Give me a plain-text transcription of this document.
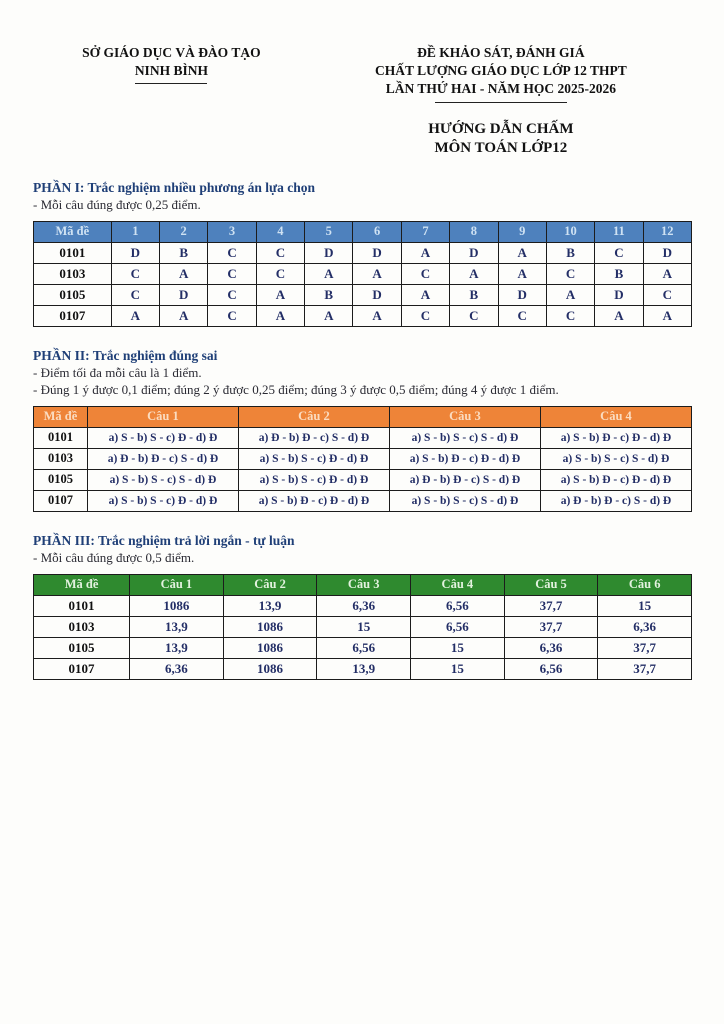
SỞ GIÁO DỤC VÀ ĐÀO TẠO
NINH BÌNH
ĐỀ KHẢO SÁT, ĐÁNH GIÁ
CHẤT LƯỢNG GIÁO DỤC LỚP 12 THPT
LẦN THỨ HAI - NĂM HỌC 2025-2026
HƯỚNG DẪN CHẤM
MÔN TOÁN LỚP12
PHẦN I: Trắc nghiệm nhiều phương án lựa chọn
- Mỗi câu đúng được 0,25 điểm.
Mã đề	1	2	3	4	5	6	7	8	9	10	11	12
0101	D	B	C	C	D	D	A	D	A	B	C	D
0103	C	A	C	C	A	A	C	A	A	C	B	A
0105	C	D	C	A	B	D	A	B	D	A	D	C
0107	A	A	C	A	A	A	C	C	C	C	A	A
PHẦN II: Trắc nghiệm đúng sai
- Điểm tối đa mỗi câu là 1 điểm.
- Đúng 1 ý được 0,1 điểm; đúng 2 ý được 0,25 điểm; đúng 3 ý được 0,5 điểm; đúng 4 ý được 1 điểm.
Mã đề	Câu 1	Câu 2	Câu 3	Câu 4
0101	a) S - b) S - c) Đ - d) Đ	a) Đ - b) Đ - c) S - d) Đ	a) S - b) S - c) S - d) Đ	a) S - b) Đ - c) Đ - d) Đ
0103	a) Đ - b) Đ - c) S - d) Đ	a) S - b) S - c) Đ - d) Đ	a) S - b) Đ - c) Đ - d) Đ	a) S - b) S - c) S - d) Đ
0105	a) S - b) S - c) S - d) Đ	a) S - b) S - c) Đ - d) Đ	a) Đ - b) Đ - c) S - d) Đ	a) S - b) Đ - c) Đ - d) Đ
0107	a) S - b) S - c) Đ - d) Đ	a) S - b) Đ - c) Đ - d) Đ	a) S - b) S - c) S - d) Đ	a) Đ - b) Đ - c) S - d) Đ
PHẦN III: Trắc nghiệm trả lời ngắn - tự luận
- Mỗi câu đúng được 0,5 điểm.
Mã đề	Câu 1	Câu 2	Câu 3	Câu 4	Câu 5	Câu 6
0101	1086	13,9	6,36	6,56	37,7	15
0103	13,9	1086	15	6,56	37,7	6,36
0105	13,9	1086	6,56	15	6,36	37,7
0107	6,36	1086	13,9	15	6,56	37,7
